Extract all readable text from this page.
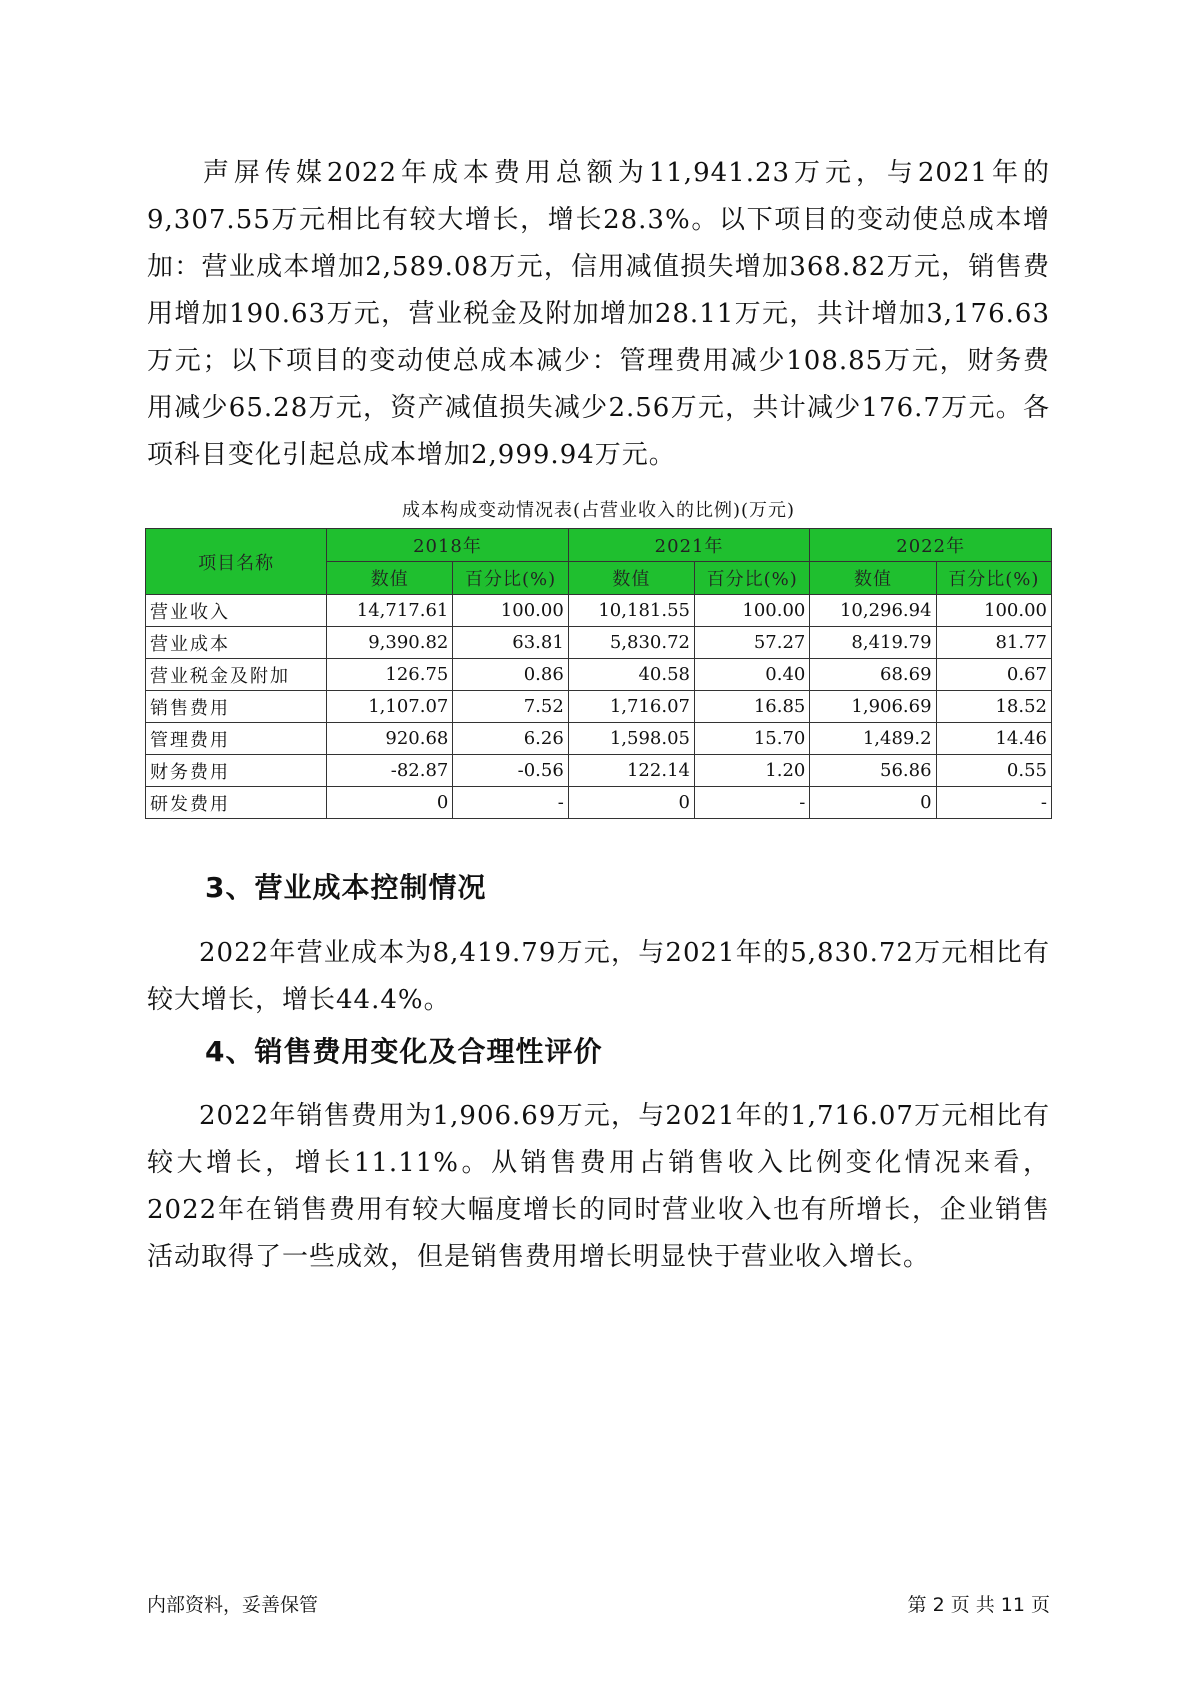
声屏传媒2022年成本费用总额为11,941.23万元，与2021年的9,307.55万元相比有较大增长，增长28.3%。以下项目的变动使总成本增加：营业成本增加2,589.08万元，信用减值损失增加368.82万元，销售费用增加190.63万元，营业税金及附加增加28.11万元，共计增加3,176.63万元；以下项目的变动使总成本减少：管理费用减少108.85万元，财务费用减少65.28万元，资产减值损失减少2.56万元，共计减少176.7万元。各项科目变化引起总成本增加2,999.94万元。

成本构成变动情况表(占营业收入的比例)(万元)
项目名称	2018年		2021年		2022年	
	数值	百分比(%)	数值	百分比(%)	数值	百分比(%)
营业收入	14,717.61	100.00	10,181.55	100.00	10,296.94	100.00
营业成本	9,390.82	63.81	5,830.72	57.27	8,419.79	81.77
营业税金及附加	126.75	0.86	40.58	0.40	68.69	0.67
销售费用	1,107.07	7.52	1,716.07	16.85	1,906.69	18.52
管理费用	920.68	6.26	1,598.05	15.70	1,489.2	14.46
财务费用	-82.87	-0.56	122.14	1.20	56.86	0.55
研发费用	0	-	0	-	0	-
3、营业成本控制情况

2022年营业成本为8,419.79万元，与2021年的5,830.72万元相比有较大增长，增长44.4%。

4、销售费用变化及合理性评价

2022年销售费用为1,906.69万元，与2021年的1,716.07万元相比有较大增长，增长11.11%。从销售费用占销售收入比例变化情况来看，2022年在销售费用有较大幅度增长的同时营业收入也有所增长，企业销售活动取得了一些成效，但是销售费用增长明显快于营业收入增长。

内部资料，妥善保管	第 2 页 共 11 页
